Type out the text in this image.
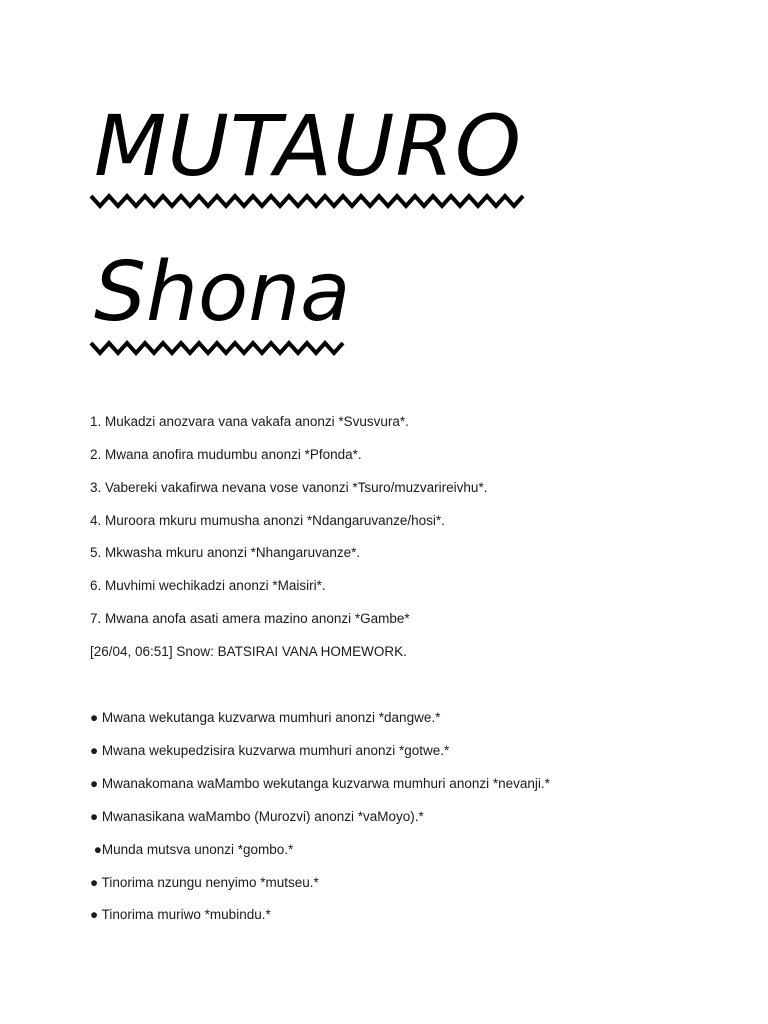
MUTAURO
Shona
1. Mukadzi anozvara vana vakafa anonzi *Svusvura*.
2. Mwana anofira mudumbu anonzi *Pfonda*.
3. Vabereki vakafirwa nevana vose vanonzi *Tsuro/muzvarireivhu*.
4. Muroora mkuru mumusha anonzi *Ndangaruvanze/hosi*.
5. Mkwasha mkuru anonzi *Nhangaruvanze*.
6. Muvhimi wechikadzi anonzi *Maisiri*.
7. Mwana anofa asati amera mazino anonzi *Gambe*
[26/04, 06:51] Snow: BATSIRAI VANA HOMEWORK.
● Mwana wekutanga kuzvarwa mumhuri anonzi *dangwe.*
● Mwana wekupedzisira kuzvarwa mumhuri anonzi *gotwe.*
● Mwanakomana waMambo wekutanga kuzvarwa mumhuri anonzi *nevanji.*
● Mwanasikana waMambo (Murozvi) anonzi *vaMoyo).*
●Munda mutsva unonzi *gombo.*
● Tinorima nzungu nenyimo *mutseu.*
● Tinorima muriwo *mubindu.*
